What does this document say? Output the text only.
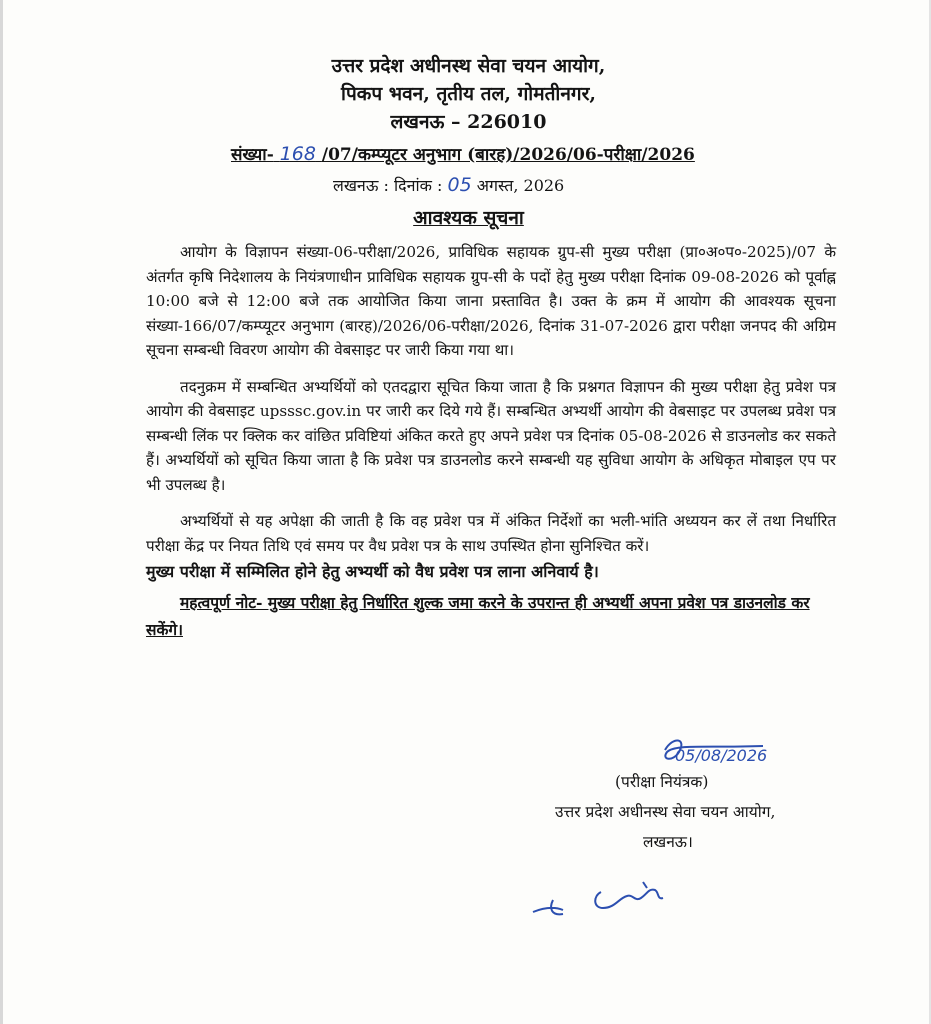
उत्तर प्रदेश अधीनस्थ सेवा चयन आयोग,

पिकप भवन, तृतीय तल, गोमतीनगर,

लखनऊ – 226010

संख्या- 168 /07/कम्प्यूटर अनुभाग (बारह)/2026/06-परीक्षा/2026
लखनऊ : दिनांक : 05 अगस्त, 2026
आवश्यक सूचना

आयोग के विज्ञापन संख्या-06-परीक्षा/2026, प्राविधिक सहायक ग्रुप-सी मुख्य परीक्षा (प्रा०अ०प०-2025)/07 के अंतर्गत कृषि निदेशालय के नियंत्रणाधीन प्राविधिक सहायक ग्रुप-सी के पदों हेतु मुख्य परीक्षा दिनांक 09-08-2026 को पूर्वाह्न 10:00 बजे से 12:00 बजे तक आयोजित किया जाना प्रस्तावित है। उक्त के क्रम में आयोग की आवश्यक सूचना संख्या-166/07/कम्प्यूटर अनुभाग (बारह)/2026/06-परीक्षा/2026, दिनांक 31-07-2026 द्वारा परीक्षा जनपद की अग्रिम सूचना सम्बन्धी विवरण आयोग की वेबसाइट पर जारी किया गया था।

तदनुक्रम में सम्बन्धित अभ्यर्थियों को एतदद्वारा सूचित किया जाता है कि प्रश्नगत विज्ञापन की मुख्य परीक्षा हेतु प्रवेश पत्र आयोग की वेबसाइट upsssc.gov.in पर जारी कर दिये गये हैं। सम्बन्धित अभ्यर्थी आयोग की वेबसाइट पर उपलब्ध प्रवेश पत्र सम्बन्धी लिंक पर क्लिक कर वांछित प्रविष्टियां अंकित करते हुए अपने प्रवेश पत्र दिनांक 05-08-2026 से डाउनलोड कर सकते हैं। अभ्यर्थियों को सूचित किया जाता है कि प्रवेश पत्र डाउनलोड करने सम्बन्धी यह सुविधा आयोग के अधिकृत मोबाइल एप पर भी उपलब्ध है।

अभ्यर्थियों से यह अपेक्षा की जाती है कि वह प्रवेश पत्र में अंकित निर्देशों का भली-भांति अध्ययन कर लें तथा निर्धारित परीक्षा केंद्र पर नियत तिथि एवं समय पर वैध प्रवेश पत्र के साथ उपस्थित होना सुनिश्चित करें।

मुख्य परीक्षा में सम्मिलित होने हेतु अभ्यर्थी को वैध प्रवेश पत्र लाना अनिवार्य है।

महत्वपूर्ण नोट- मुख्य परीक्षा हेतु निर्धारित शुल्क जमा करने के उपरान्त ही अभ्यर्थी अपना प्रवेश पत्र डाउनलोड कर सकेंगे।

05/08/2026
(परीक्षा नियंत्रक)
उत्तर प्रदेश अधीनस्थ सेवा चयन आयोग,
लखनऊ।
